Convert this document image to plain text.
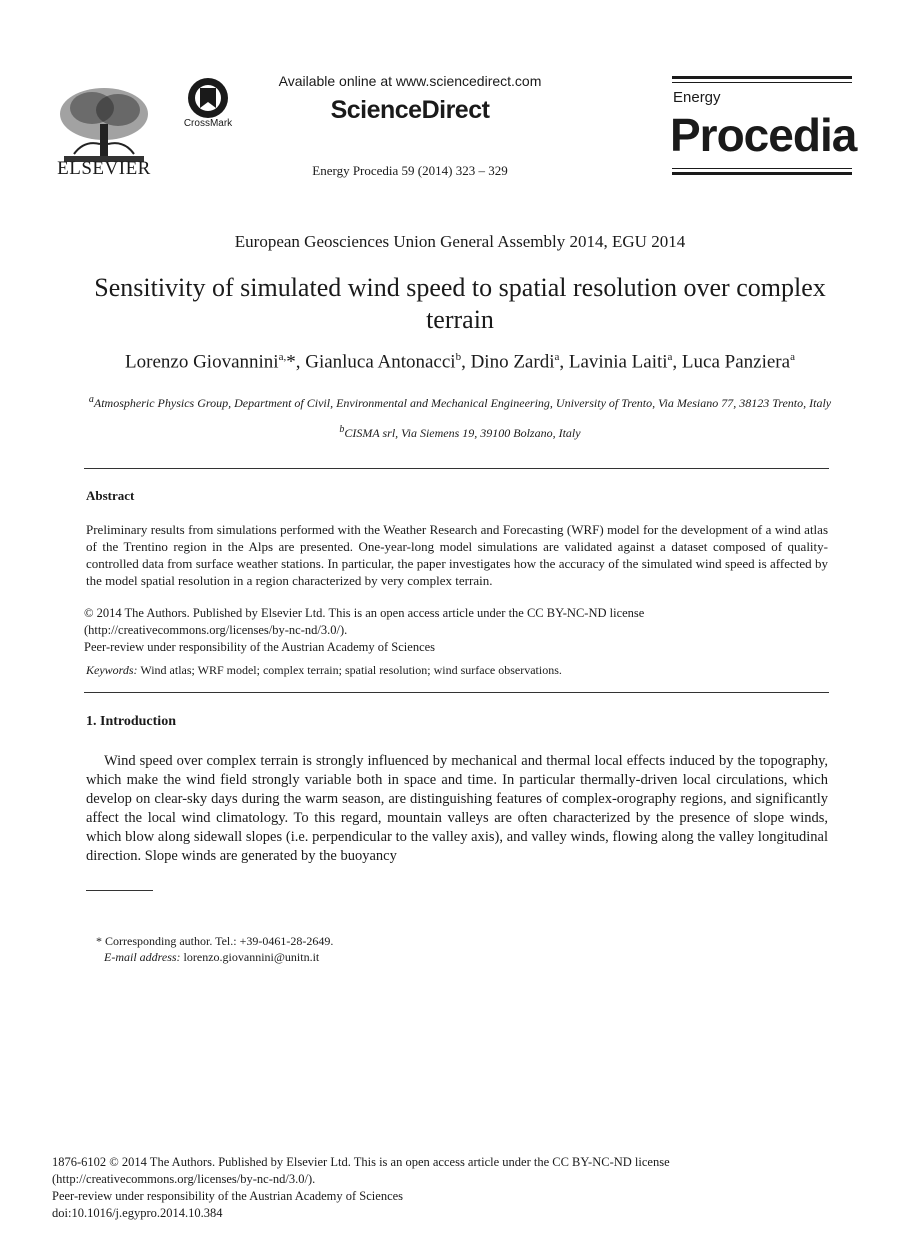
ELSEVIER
CrossMark
Available online at www.sciencedirect.com
ScienceDirect
Energy Procedia 59 (2014) 323 – 329
Energy
Procedia
European Geosciences Union General Assembly 2014, EGU 2014
Sensitivity of simulated wind speed to spatial resolution over complex terrain
Lorenzo Giovannini$^{a,}$*, Gianluca Antonacci$^b$, Dino Zardi$^a$, Lavinia Laiti$^a$, Luca Panziera$^a$
$^a$Atmospheric Physics Group, Department of Civil, Environmental and Mechanical Engineering, University of Trento, Via Mesiano 77, 38123 Trento, Italy
$^b$CISMA srl, Via Siemens 19, 39100 Bolzano, Italy
Abstract
Preliminary results from simulations performed with the Weather Research and Forecasting (WRF) model for the development of a wind atlas of the Trentino region in the Alps are presented. One-year-long model simulations are validated against a dataset composed of quality-controlled data from surface weather stations. In particular, the paper investigates how the accuracy of the simulated wind speed is affected by the model spatial resolution in a region characterized by very complex terrain.
© 2014 The Authors. Published by Elsevier Ltd. This is an open access article under the CC BY-NC-ND license
(http://creativecommons.org/licenses/by-nc-nd/3.0/).
Peer-review under responsibility of the Austrian Academy of Sciences
Keywords: Wind atlas; WRF model; complex terrain; spatial resolution; wind surface observations.
1. Introduction
Wind speed over complex terrain is strongly influenced by mechanical and thermal local effects induced by the topography, which make the wind field strongly variable both in space and time. In particular thermally-driven local circulations, which develop on clear-sky days during the warm season, are distinguishing features of complex-orography regions, and significantly affect the local wind climatology. To this regard, mountain valleys are often characterized by the presence of slope winds, which blow along sidewall slopes (i.e. perpendicular to the valley axis), and valley winds, flowing along the valley longitudinal direction. Slope winds are generated by the buoyancy
* Corresponding author. Tel.: +39-0461-28-2649.
E-mail address: lorenzo.giovannini@unitn.it
1876-6102 © 2014 The Authors. Published by Elsevier Ltd. This is an open access article under the CC BY-NC-ND license
(http://creativecommons.org/licenses/by-nc-nd/3.0/).
Peer-review under responsibility of the Austrian Academy of Sciences
doi:10.1016/j.egypro.2014.10.384
